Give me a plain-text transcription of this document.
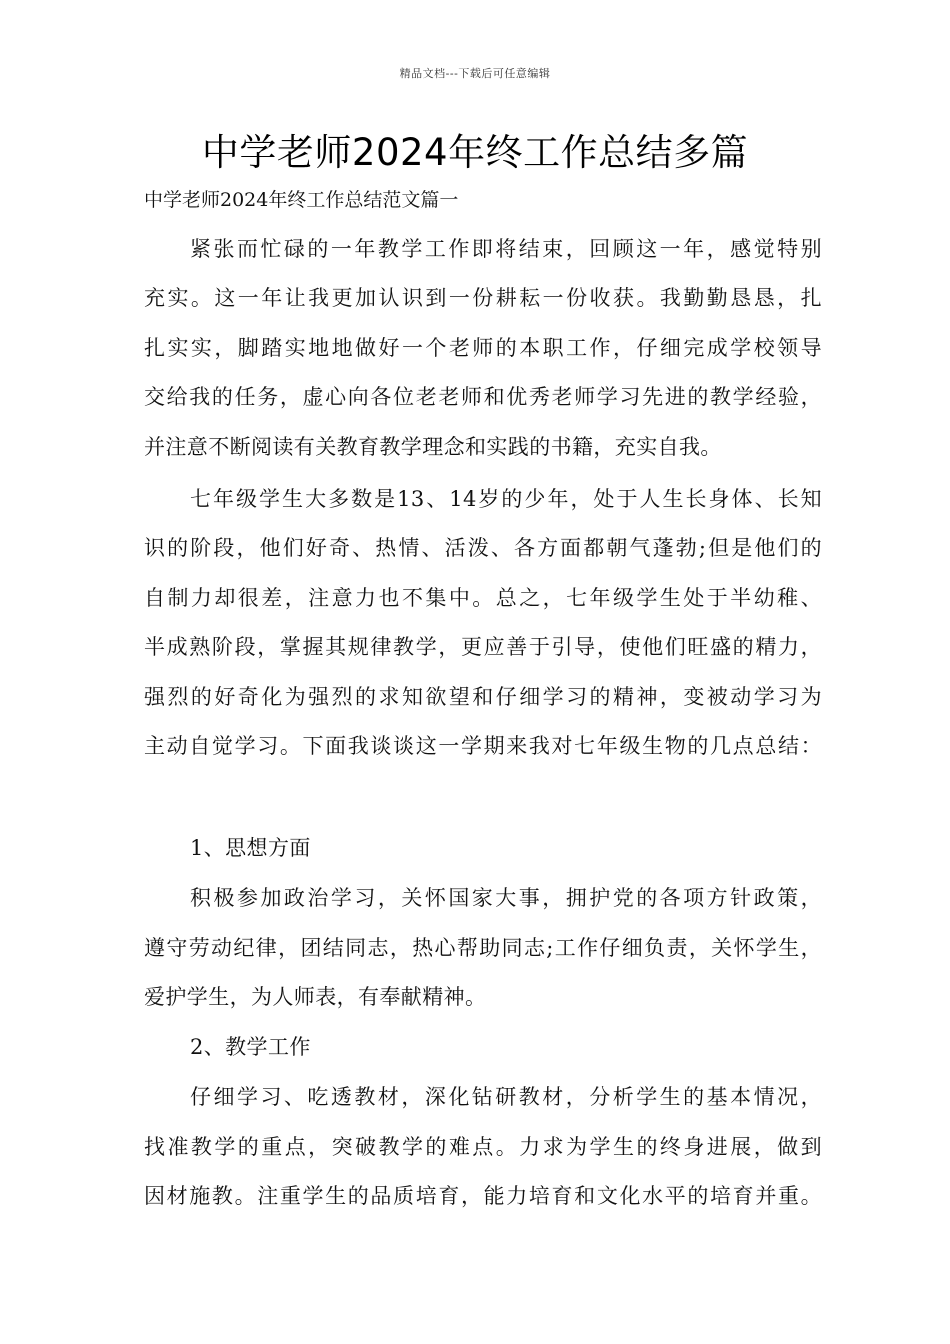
精品文档---下载后可任意编辑
中学老师2024年终工作总结多篇
中学老师2024年终工作总结范文篇一
紧张而忙碌的一年教学工作即将结束，回顾这一年，感觉特别
充实。这一年让我更加认识到一份耕耘一份收获。我勤勤恳恳，扎
扎实实，脚踏实地地做好一个老师的本职工作，仔细完成学校领导
交给我的任务，虚心向各位老老师和优秀老师学习先进的教学经验，
并注意不断阅读有关教育教学理念和实践的书籍，充实自我。
七年级学生大多数是13、14岁的少年，处于人生长身体、长知
识的阶段，他们好奇、热情、活泼、各方面都朝气蓬勃;但是他们的
自制力却很差，注意力也不集中。总之，七年级学生处于半幼稚、
半成熟阶段，掌握其规律教学，更应善于引导，使他们旺盛的精力，
强烈的好奇化为强烈的求知欲望和仔细学习的精神，变被动学习为
主动自觉学习。下面我谈谈这一学期来我对七年级生物的几点总结：
1、思想方面
积极参加政治学习，关怀国家大事，拥护党的各项方针政策，
遵守劳动纪律，团结同志，热心帮助同志;工作仔细负责，关怀学生，
爱护学生，为人师表，有奉献精神。
2、教学工作
仔细学习、吃透教材，深化钻研教材，分析学生的基本情况，
找准教学的重点，突破教学的难点。力求为学生的终身进展，做到
因材施教。注重学生的品质培育，能力培育和文化水平的培育并重。
